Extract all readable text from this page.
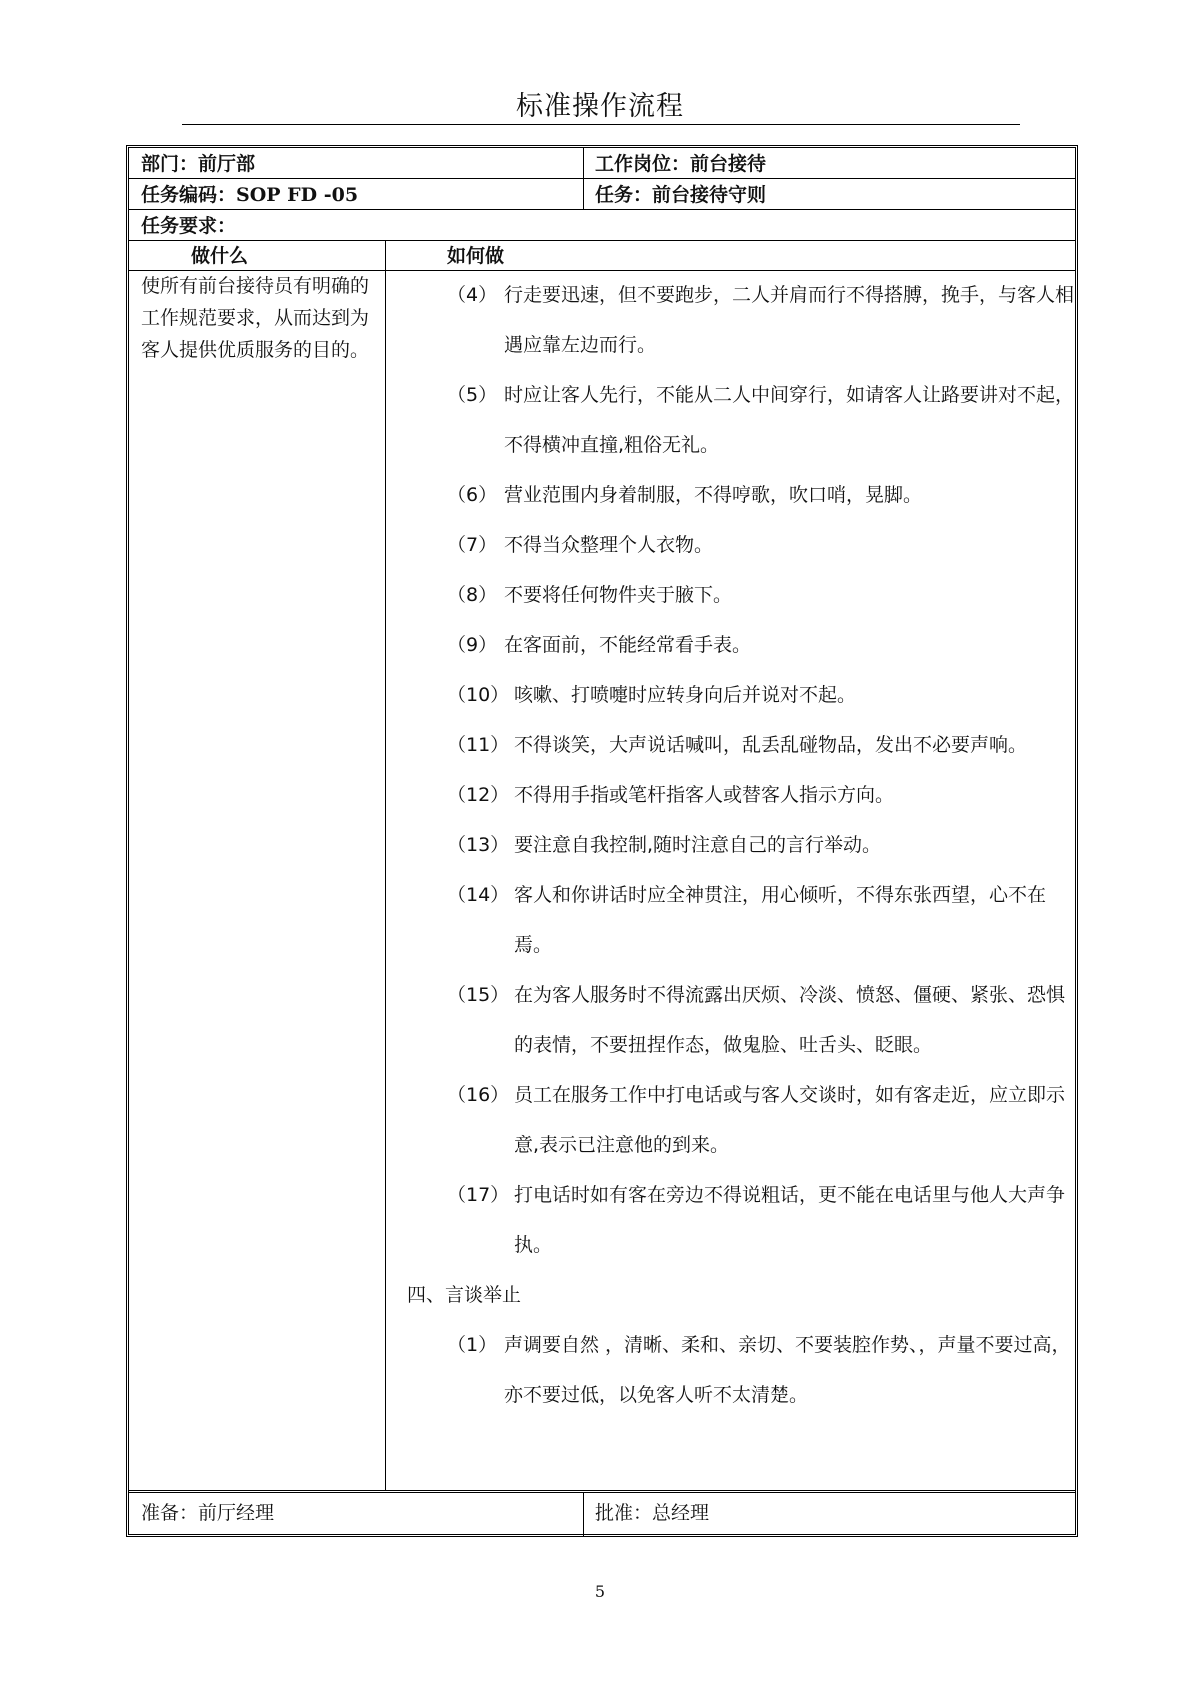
标准操作流程
部门：前厅部	工作岗位：前台接待
任务编码：SOP FD -05	任务：前台接待守则
任务要求：
做什么	如何做
使所有前台接待员有明确的工作规范要求，从而达到为客人提供优质服务的目的。
（4） 行走要迅速，但不要跑步，二人并肩而行不得搭膊，挽手，与客人相遇应靠左边而行。
（5） 时应让客人先行，不能从二人中间穿行，如请客人让路要讲对不起，不得横冲直撞,粗俗无礼。
（6） 营业范围内身着制服，不得哼歌，吹口哨，晃脚。
（7） 不得当众整理个人衣物。
（8） 不要将任何物件夹于腋下。
（9） 在客面前，不能经常看手表。
（10） 咳嗽、打喷嚏时应转身向后并说对不起。
（11） 不得谈笑，大声说话喊叫，乱丢乱碰物品，发出不必要声响。
（12） 不得用手指或笔杆指客人或替客人指示方向。
（13） 要注意自我控制,随时注意自己的言行举动。
（14） 客人和你讲话时应全神贯注，用心倾听，不得东张西望，心不在焉。
（15） 在为客人服务时不得流露出厌烦、冷淡、愤怒、僵硬、紧张、恐惧的表情，不要扭捏作态，做鬼脸、吐舌头、眨眼。
（16） 员工在服务工作中打电话或与客人交谈时，如有客走近，应立即示意,表示已注意他的到来。
（17） 打电话时如有客在旁边不得说粗话，更不能在电话里与他人大声争执。
四、言谈举止
（1） 声调要自然 ，清晰、柔和、亲切、不要装腔作势、，声量不要过高，亦不要过低，以免客人听不太清楚。
准备：前厅经理	批准：总经理
5
